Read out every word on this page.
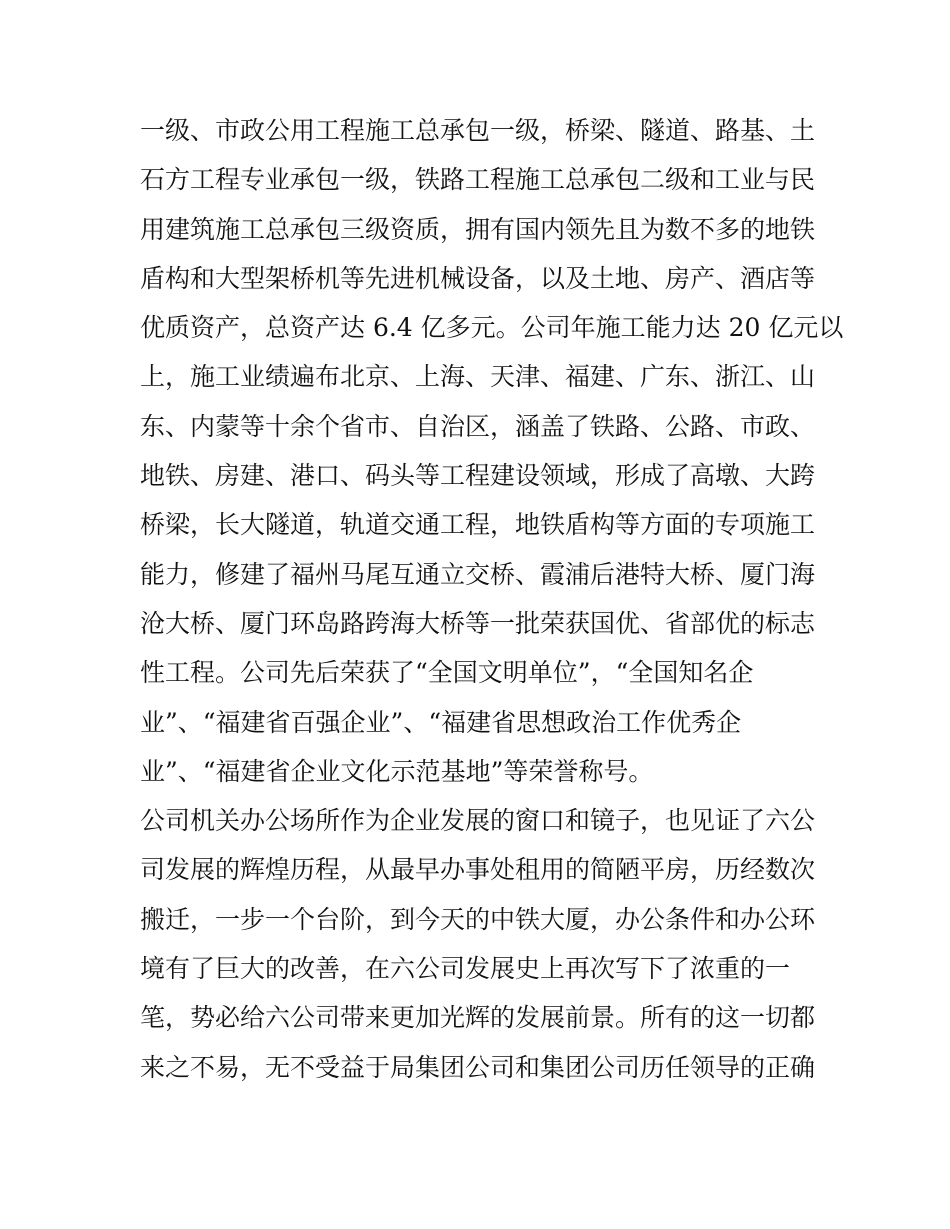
一级、市政公用工程施工总承包一级，桥梁、隧道、路基、土
石方工程专业承包一级，铁路工程施工总承包二级和工业与民
用建筑施工总承包三级资质，拥有国内领先且为数不多的地铁
盾构和大型架桥机等先进机械设备，以及土地、房产、酒店等
优质资产，总资产达 6.4 亿多元。公司年施工能力达 20 亿元以
上，施工业绩遍布北京、上海、天津、福建、广东、浙江、山
东、内蒙等十余个省市、自治区，涵盖了铁路、公路、市政、
地铁、房建、港口、码头等工程建设领域，形成了高墩、大跨
桥梁，长大隧道，轨道交通工程，地铁盾构等方面的专项施工
能力，修建了福州马尾互通立交桥、霞浦后港特大桥、厦门海
沧大桥、厦门环岛路跨海大桥等一批荣获国优、省部优的标志
性工程。公司先后荣获了“全国文明单位”，“全国知名企
业”、“福建省百强企业”、“福建省思想政治工作优秀企
业”、“福建省企业文化示范基地”等荣誉称号。
公司机关办公场所作为企业发展的窗口和镜子，也见证了六公
司发展的辉煌历程，从最早办事处租用的简陋平房，历经数次
搬迁，一步一个台阶，到今天的中铁大厦，办公条件和办公环
境有了巨大的改善，在六公司发展史上再次写下了浓重的一
笔，势必给六公司带来更加光辉的发展前景。所有的这一切都
来之不易，无不受益于局集团公司和集团公司历任领导的正确
